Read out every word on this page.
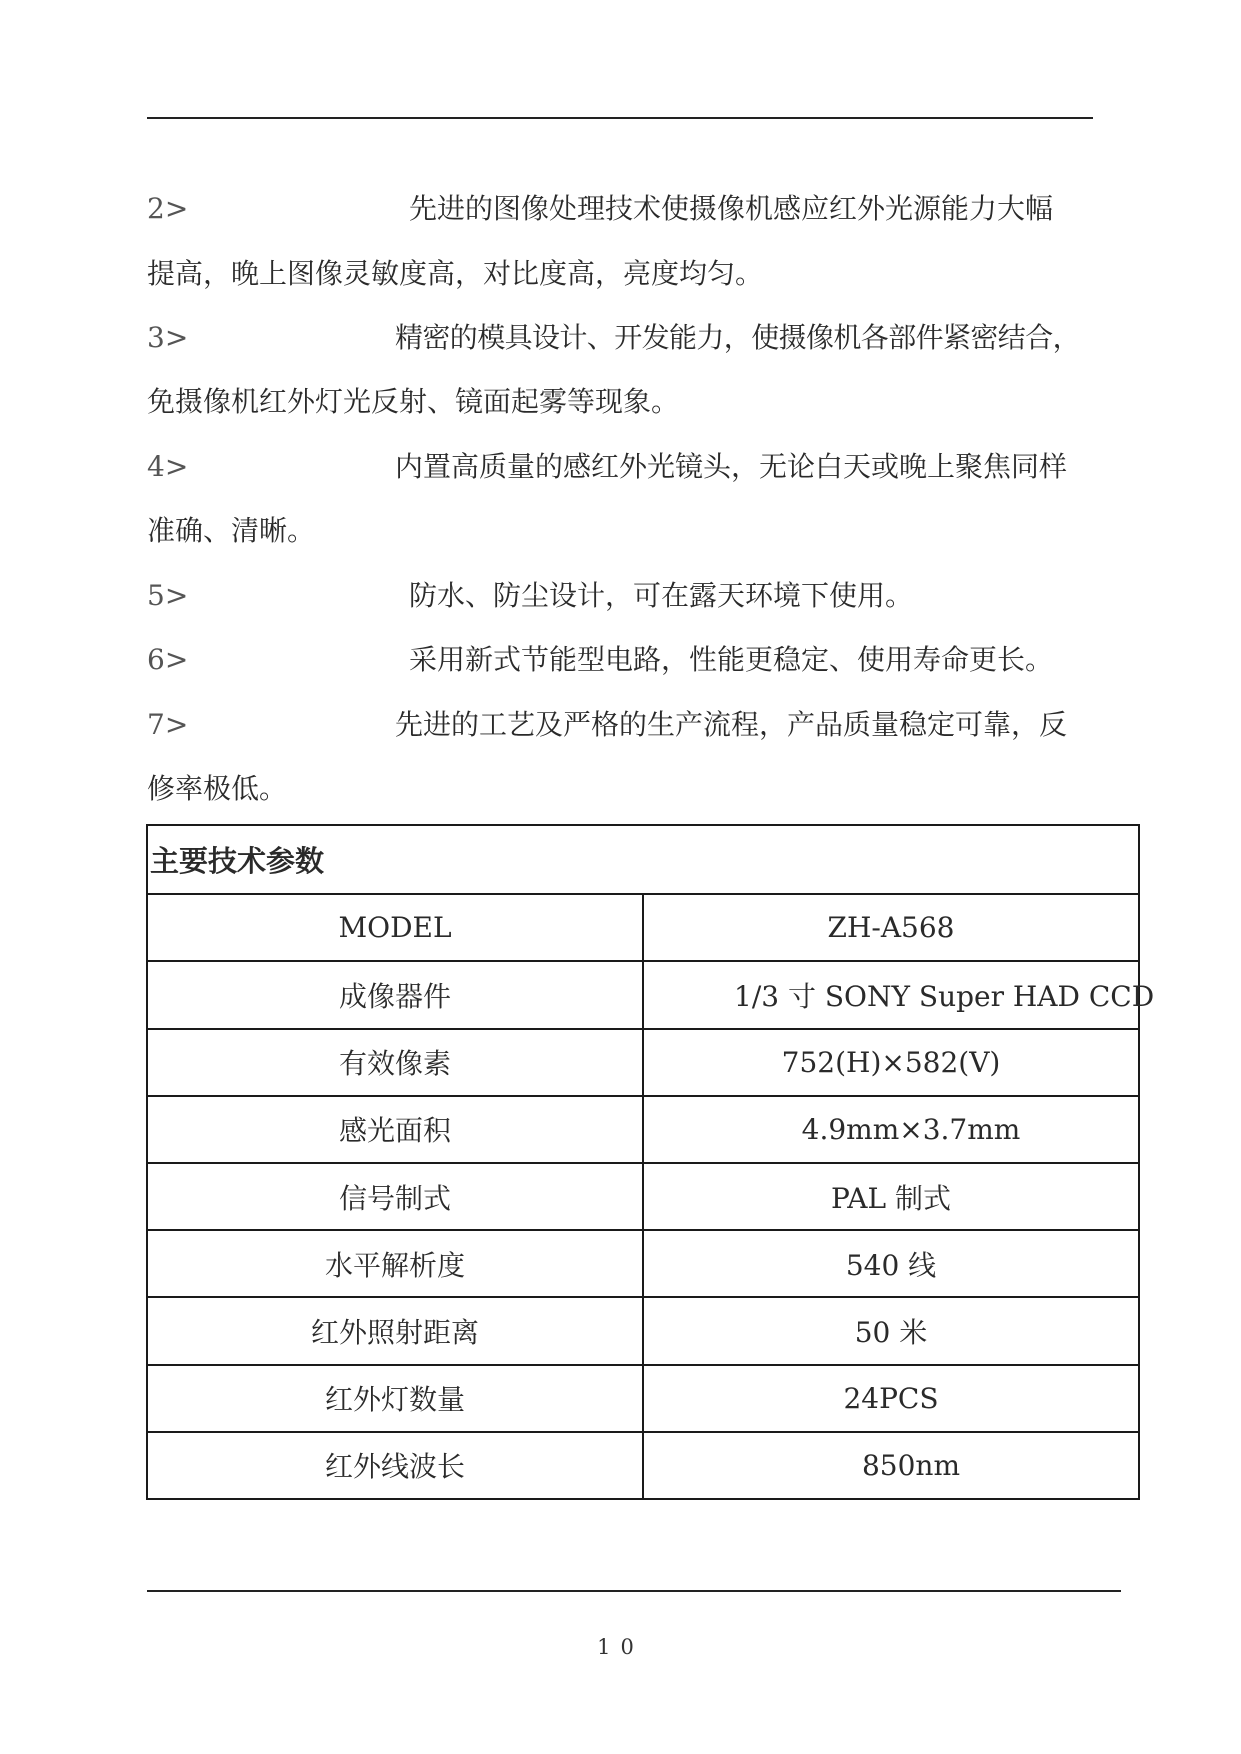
2>	先进的图像处理技术使摄像机感应红外光源能力大幅
提高，晚上图像灵敏度高，对比度高，亮度均匀。
3>	精密的模具设计、开发能力，使摄像机各部件紧密结合，
免摄像机红外灯光反射、镜面起雾等现象。
4>	内置高质量的感红外光镜头，无论白天或晚上聚焦同样
准确、清晰。
5>	防水、防尘设计，可在露天环境下使用。
6>	采用新式节能型电路，性能更稳定、使用寿命更长。
7>	先进的工艺及严格的生产流程，产品质量稳定可靠，反
修率极低。
主要技术参数	
MODEL	ZH-A568
成像器件	1/3 寸 SONY Super HAD CCD
有效像素	752(H)×582(V)
感光面积	4.9mm×3.7mm
信号制式	PAL 制式
水平解析度	540 线
红外照射距离	50 米
红外灯数量	24PCS
红外线波长	850nm
10
